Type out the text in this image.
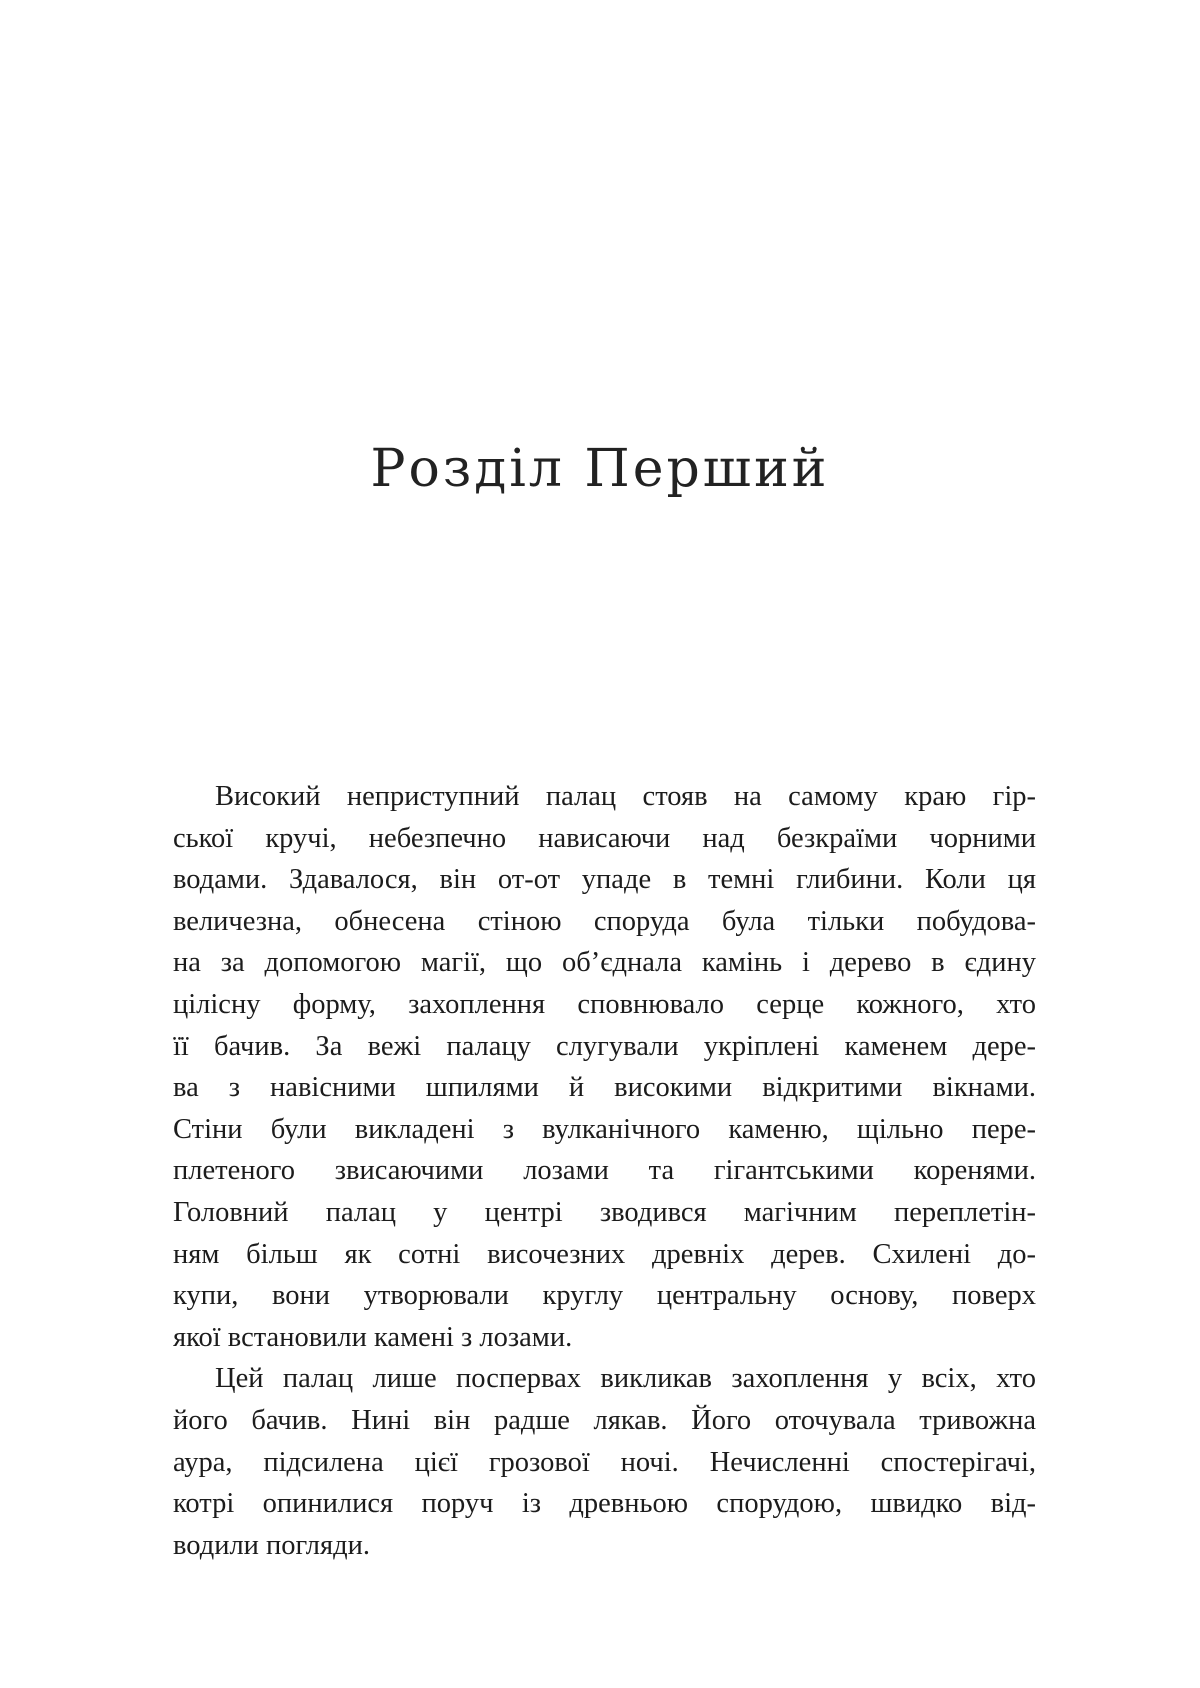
Розділ Перший
Високий неприступний палац стояв на самому краю гір-
ської кручі, небезпечно нависаючи над безкраїми чорними
водами. Здавалося, він от-от упаде в темні глибини. Коли ця
величезна, обнесена стіною споруда була тільки побудова-
на за допомогою магії, що об’єднала камінь і дерево в єдину
цілісну форму, захоплення сповнювало серце кожного, хто
її бачив. За вежі палацу слугували укріплені каменем дере-
ва з навісними шпилями й високими відкритими вікнами.
Стіни були викладені з вулканічного каменю, щільно пере-
плетеного звисаючими лозами та гігантськими коренями.
Головний палац у центрі зводився магічним переплетін-
ням більш як сотні височезних древніх дерев. Схилені до-
купи, вони утворювали круглу центральну основу, поверх
якої встановили камені з лозами.
Цей палац лише поспервах викликав захоплення у всіх, хто
його бачив. Нині він радше лякав. Його оточувала тривожна
аура, підсилена цієї грозової ночі. Нечисленні спостерігачі,
котрі опинилися поруч із древньою спорудою, швидко від-
водили погляди.
